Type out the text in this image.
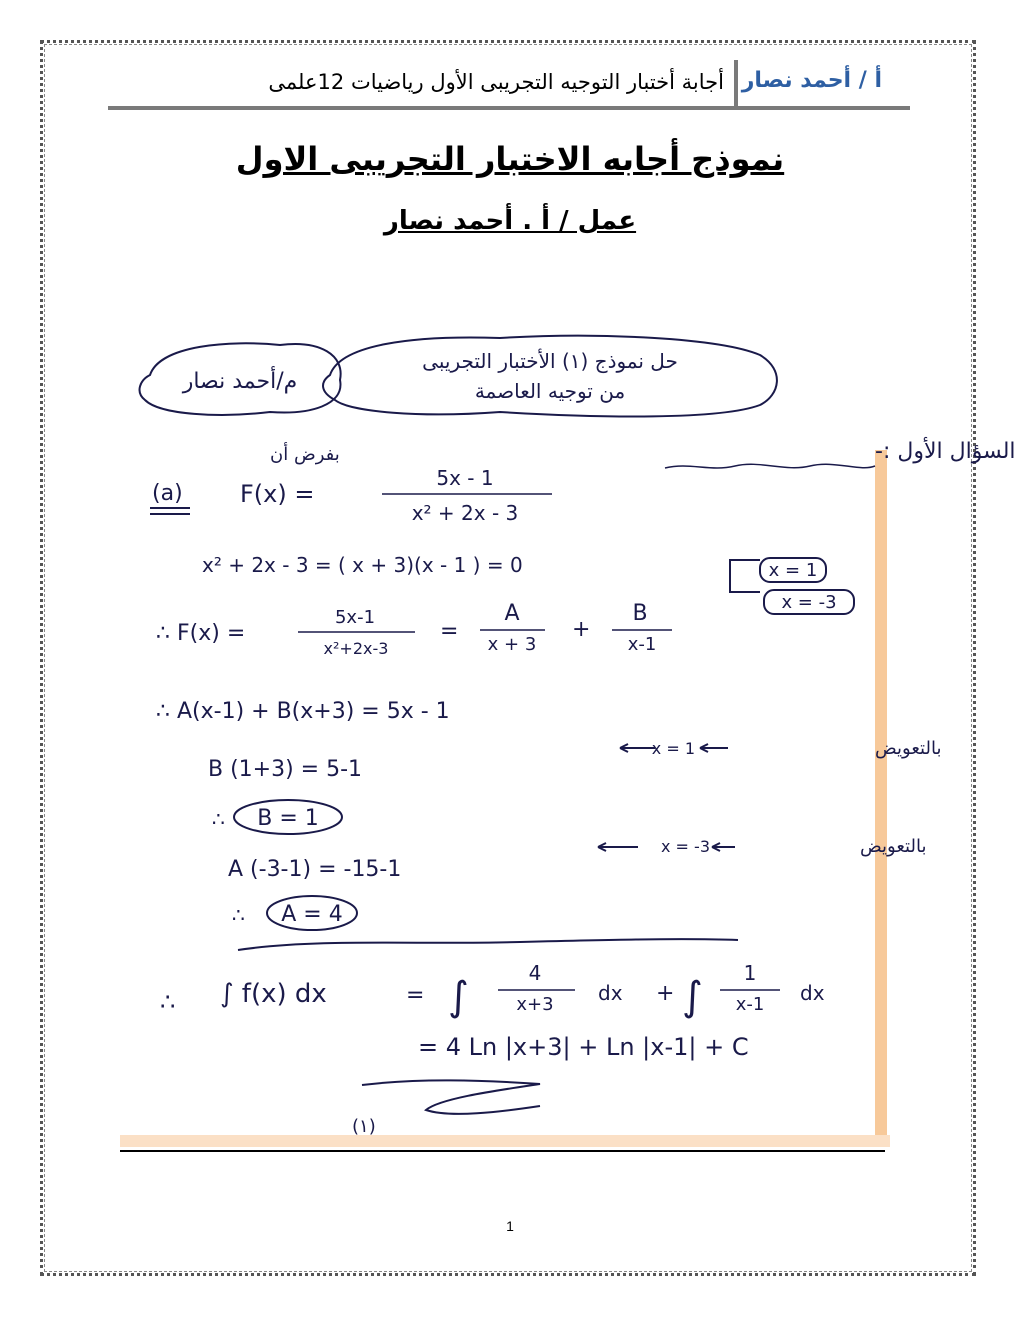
أ / أحمد نصار
أجابة أختبار التوجيه التجريبى الأول رياضيات 12علمى
نموذج أجابه الاختبار التجريبى الاول
عمل / أ . أحمد نصار
م/أحمد نصار
حل نموذج (١) الأختبار التجريبى
من توجيه العاصمة
السؤال الأول :-
بفرض أن
(a) F(x) =
5x - 1
x² + 2x - 3
x² + 2x - 3 = ( x + 3)(x - 1 ) = 0	x = 1
x = -3
∴ F(x) =
5x-1
x²+2x-3
=
A
x + 3
+
B
x-1
∴ A(x-1) + B(x+3) = 5x - 1
بالتعويض
x = 1
B (1+3) = 5-1
∴ B = 1
بالتعويض
x = -3
A (-3-1) = -15-1
∴ A = 4
∴ ∫ f(x) dx	= ∫
4
x+3 dx + ∫
1
x-1 dx
= 4 Ln |x+3| + Ln |x-1| + C
(١)
1
